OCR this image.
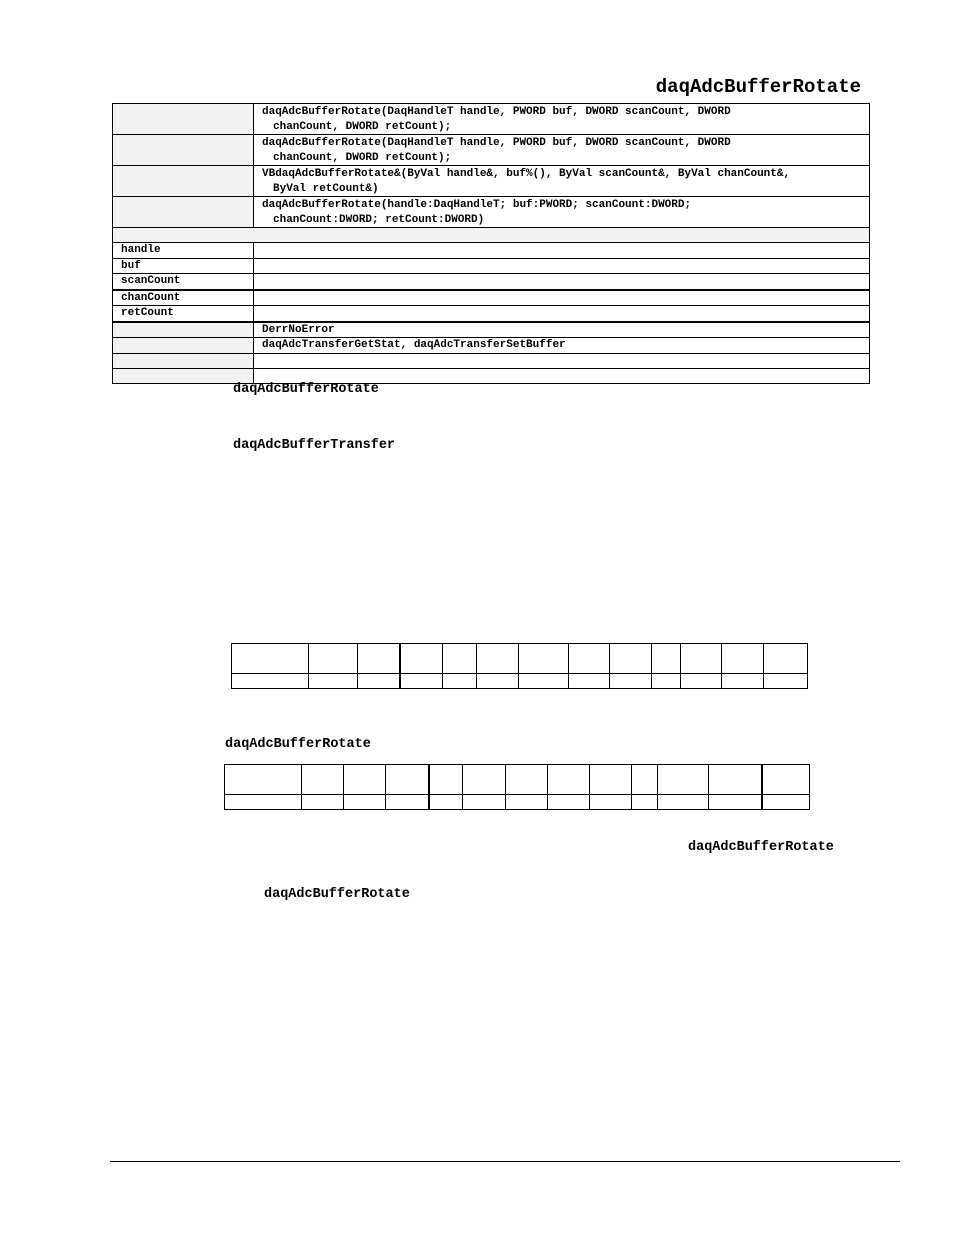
daqAdcBufferRotate

	daqAdcBufferRotate(DaqHandleT handle, PWORD buf, DWORD scanCount, DWORD
chanCount, DWORD retCount);

	daqAdcBufferRotate(DaqHandleT handle, PWORD buf, DWORD scanCount, DWORD
chanCount, DWORD retCount);

	VBdaqAdcBufferRotate&(ByVal handle&, buf%(), ByVal scanCount&, ByVal chanCount&,
ByVal retCount&)

	daqAdcBufferRotate(handle:DaqHandleT; buf:PWORD; scanCount:DWORD;
chanCount:DWORD; retCount:DWORD)

handle	
buf	
scanCount	
chanCount	
retCount	
	DerrNoError
	daqAdcTransferGetStat, daqAdcTransferSetBuffer

daqAdcBufferRotate
daqAdcBufferTransfer

daqAdcBufferRotate

daqAdcBufferRotate
daqAdcBufferRotate
